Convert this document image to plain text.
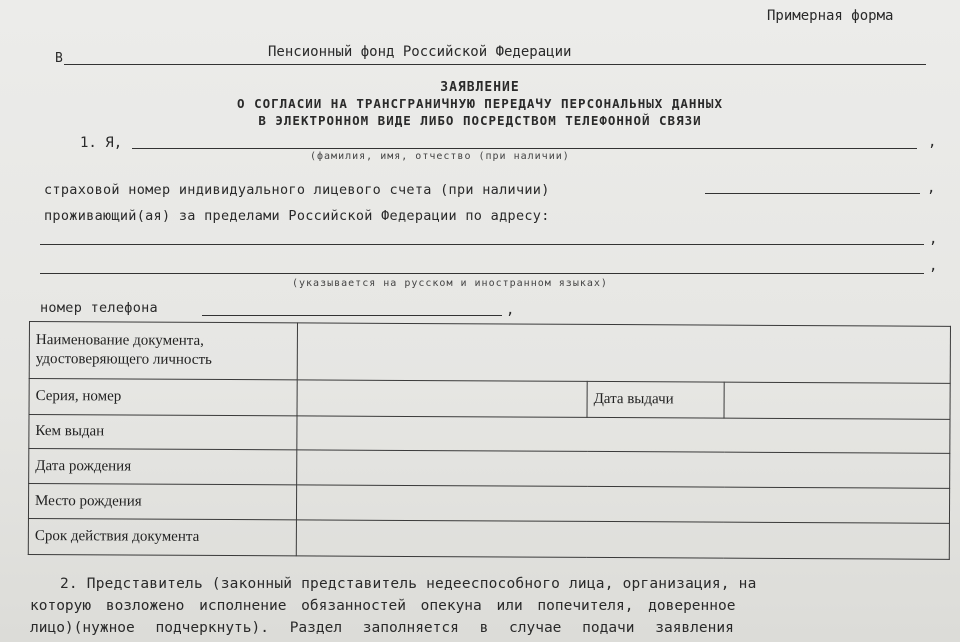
Примерная форма
В	Пенсионный фонд Российской Федерации
ЗАЯВЛЕНИЕ
О СОГЛАСИИ НА ТРАНСГРАНИЧНУЮ ПЕРЕДАЧУ ПЕРСОНАЛЬНЫХ ДАННЫХ
В ЭЛЕКТРОННОМ ВИДЕ ЛИБО ПОСРЕДСТВОМ ТЕЛЕФОННОЙ СВЯЗИ
1. Я,	,
(фамилия, имя, отчество (при наличии)
страховой номер индивидуального лицевого счета (при наличии)	,
проживающий(ая) за пределами Российской Федерации по адресу:
,
,
(указывается на русском и иностранном языках)
номер телефона	,
Наименование документа, удостоверяющего личность			
Серия, номер		Дата выдачи	
Кем выдан			
Дата рождения			
Место рождения			
Срок действия документа			
2. Представитель (законный представитель недееспособного лица, организация, на
которую возложено исполнение обязанностей опекуна или попечителя, доверенное
лицо)(нужное подчеркнуть). Раздел заполняется в случае подачи заявления
